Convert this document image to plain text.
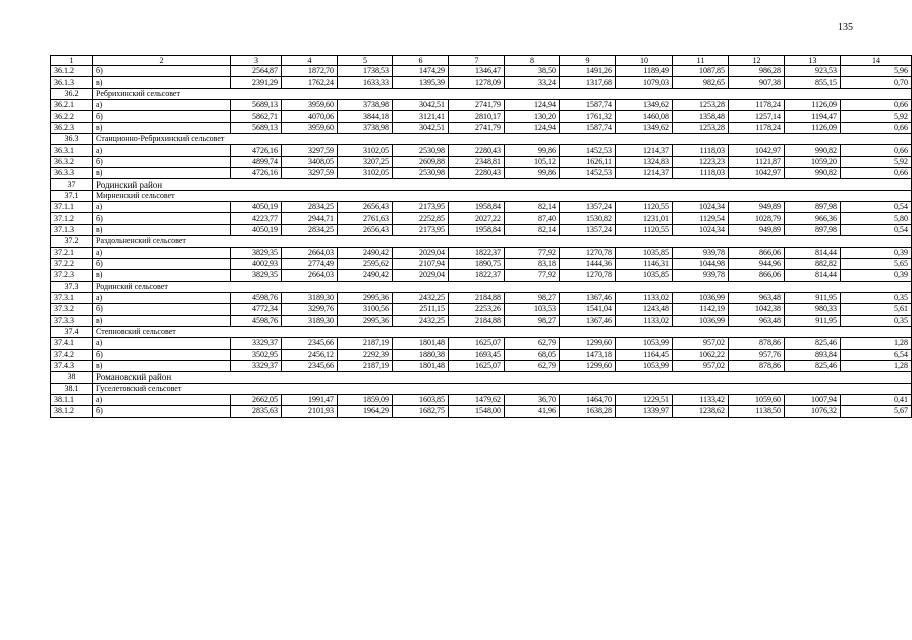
135
1	2	3	4	5	6	7	8	9	10	11	12	13	14
36.1.2	б)	2564,87	1872,70	1738,53	1474,29	1346,47	38,50	1491,26	1189,49	1087,85	986,28	923,53	5,96
36.1.3	в)	2391,29	1762,24	1633,33	1395,39	1278,09	33,24	1317,68	1079,03	982,65	907,38	855,15	0,70
36.2	Ребрихинский сельсовет												
36.2.1	а)	5689,13	3959,60	3738,98	3042,51	2741,79	124,94	1587,74	1349,62	1253,28	1178,24	1126,09	0,66
36.2.2	б)	5862,71	4070,06	3844,18	3121,41	2810,17	130,20	1761,32	1460,08	1358,48	1257,14	1194,47	5,92
36.2.3	в)	5689,13	3959,60	3738,98	3042,51	2741,79	124,94	1587,74	1349,62	1253,28	1178,24	1126,09	0,66
36.3	Станционно-Ребрихинский сельсовет												
36.3.1	а)	4726,16	3297,59	3102,05	2530,98	2280,43	99,86	1452,53	1214,37	1118,03	1042,97	990,82	0,66
36.3.2	б)	4899,74	3408,05	3207,25	2609,88	2348,81	105,12	1626,11	1324,83	1223,23	1121,87	1059,20	5,92
36.3.3	в)	4726,16	3297,59	3102,05	2530,98	2280,43	99,86	1452,53	1214,37	1118,03	1042,97	990,82	0,66
37	Родинский район												
37.1	Мирненский сельсовет												
37.1.1	а)	4050,19	2834,25	2656,43	2173,95	1958,84	82,14	1357,24	1120,55	1024,34	949,89	897,98	0,54
37.1.2	б)	4223,77	2944,71	2761,63	2252,85	2027,22	87,40	1530,82	1231,01	1129,54	1028,79	966,36	5,80
37.1.3	в)	4050,19	2834,25	2656,43	2173,95	1958,84	82,14	1357,24	1120,55	1024,34	949,89	897,98	0,54
37.2	Раздольненский сельсовет												
37.2.1	а)	3829,35	2664,03	2490,42	2029,04	1822,37	77,92	1270,78	1035,85	939,78	866,06	814,44	0,39
37.2.2	б)	4002,93	2774,49	2595,62	2107,94	1890,75	83,18	1444,36	1146,31	1044,98	944,96	882,82	5,65
37.2.3	в)	3829,35	2664,03	2490,42	2029,04	1822,37	77,92	1270,78	1035,85	939,78	866,06	814,44	0,39
37.3	Родинский сельсовет												
37.3.1	а)	4598,76	3189,30	2995,36	2432,25	2184,88	98,27	1367,46	1133,02	1036,99	963,48	911,95	0,35
37.3.2	б)	4772,34	3299,76	3100,56	2511,15	2253,26	103,53	1541,04	1243,48	1142,19	1042,38	980,33	5,61
37.3.3	в)	4598,76	3189,30	2995,36	2432,25	2184,88	98,27	1367,46	1133,02	1036,99	963,48	911,95	0,35
37.4	Степновский сельсовет												
37.4.1	а)	3329,37	2345,66	2187,19	1801,48	1625,07	62,79	1299,60	1053,99	957,02	878,86	825,46	1,28
37.4.2	б)	3502,95	2456,12	2292,39	1880,38	1693,45	68,05	1473,18	1164,45	1062,22	957,76	893,84	6,54
37.4.3	в)	3329,37	2345,66	2187,19	1801,48	1625,07	62,79	1299,60	1053,99	957,02	878,86	825,46	1,28
38	Романовский район												
38.1	Гуселетовский сельсовет												
38.1.1	а)	2662,05	1991,47	1859,09	1603,85	1479,62	36,70	1464,70	1229,51	1133,42	1059,60	1007,94	0,41
38.1.2	б)	2835,63	2101,93	1964,29	1682,75	1548,00	41,96	1638,28	1339,97	1238,62	1138,50	1076,32	5,67
